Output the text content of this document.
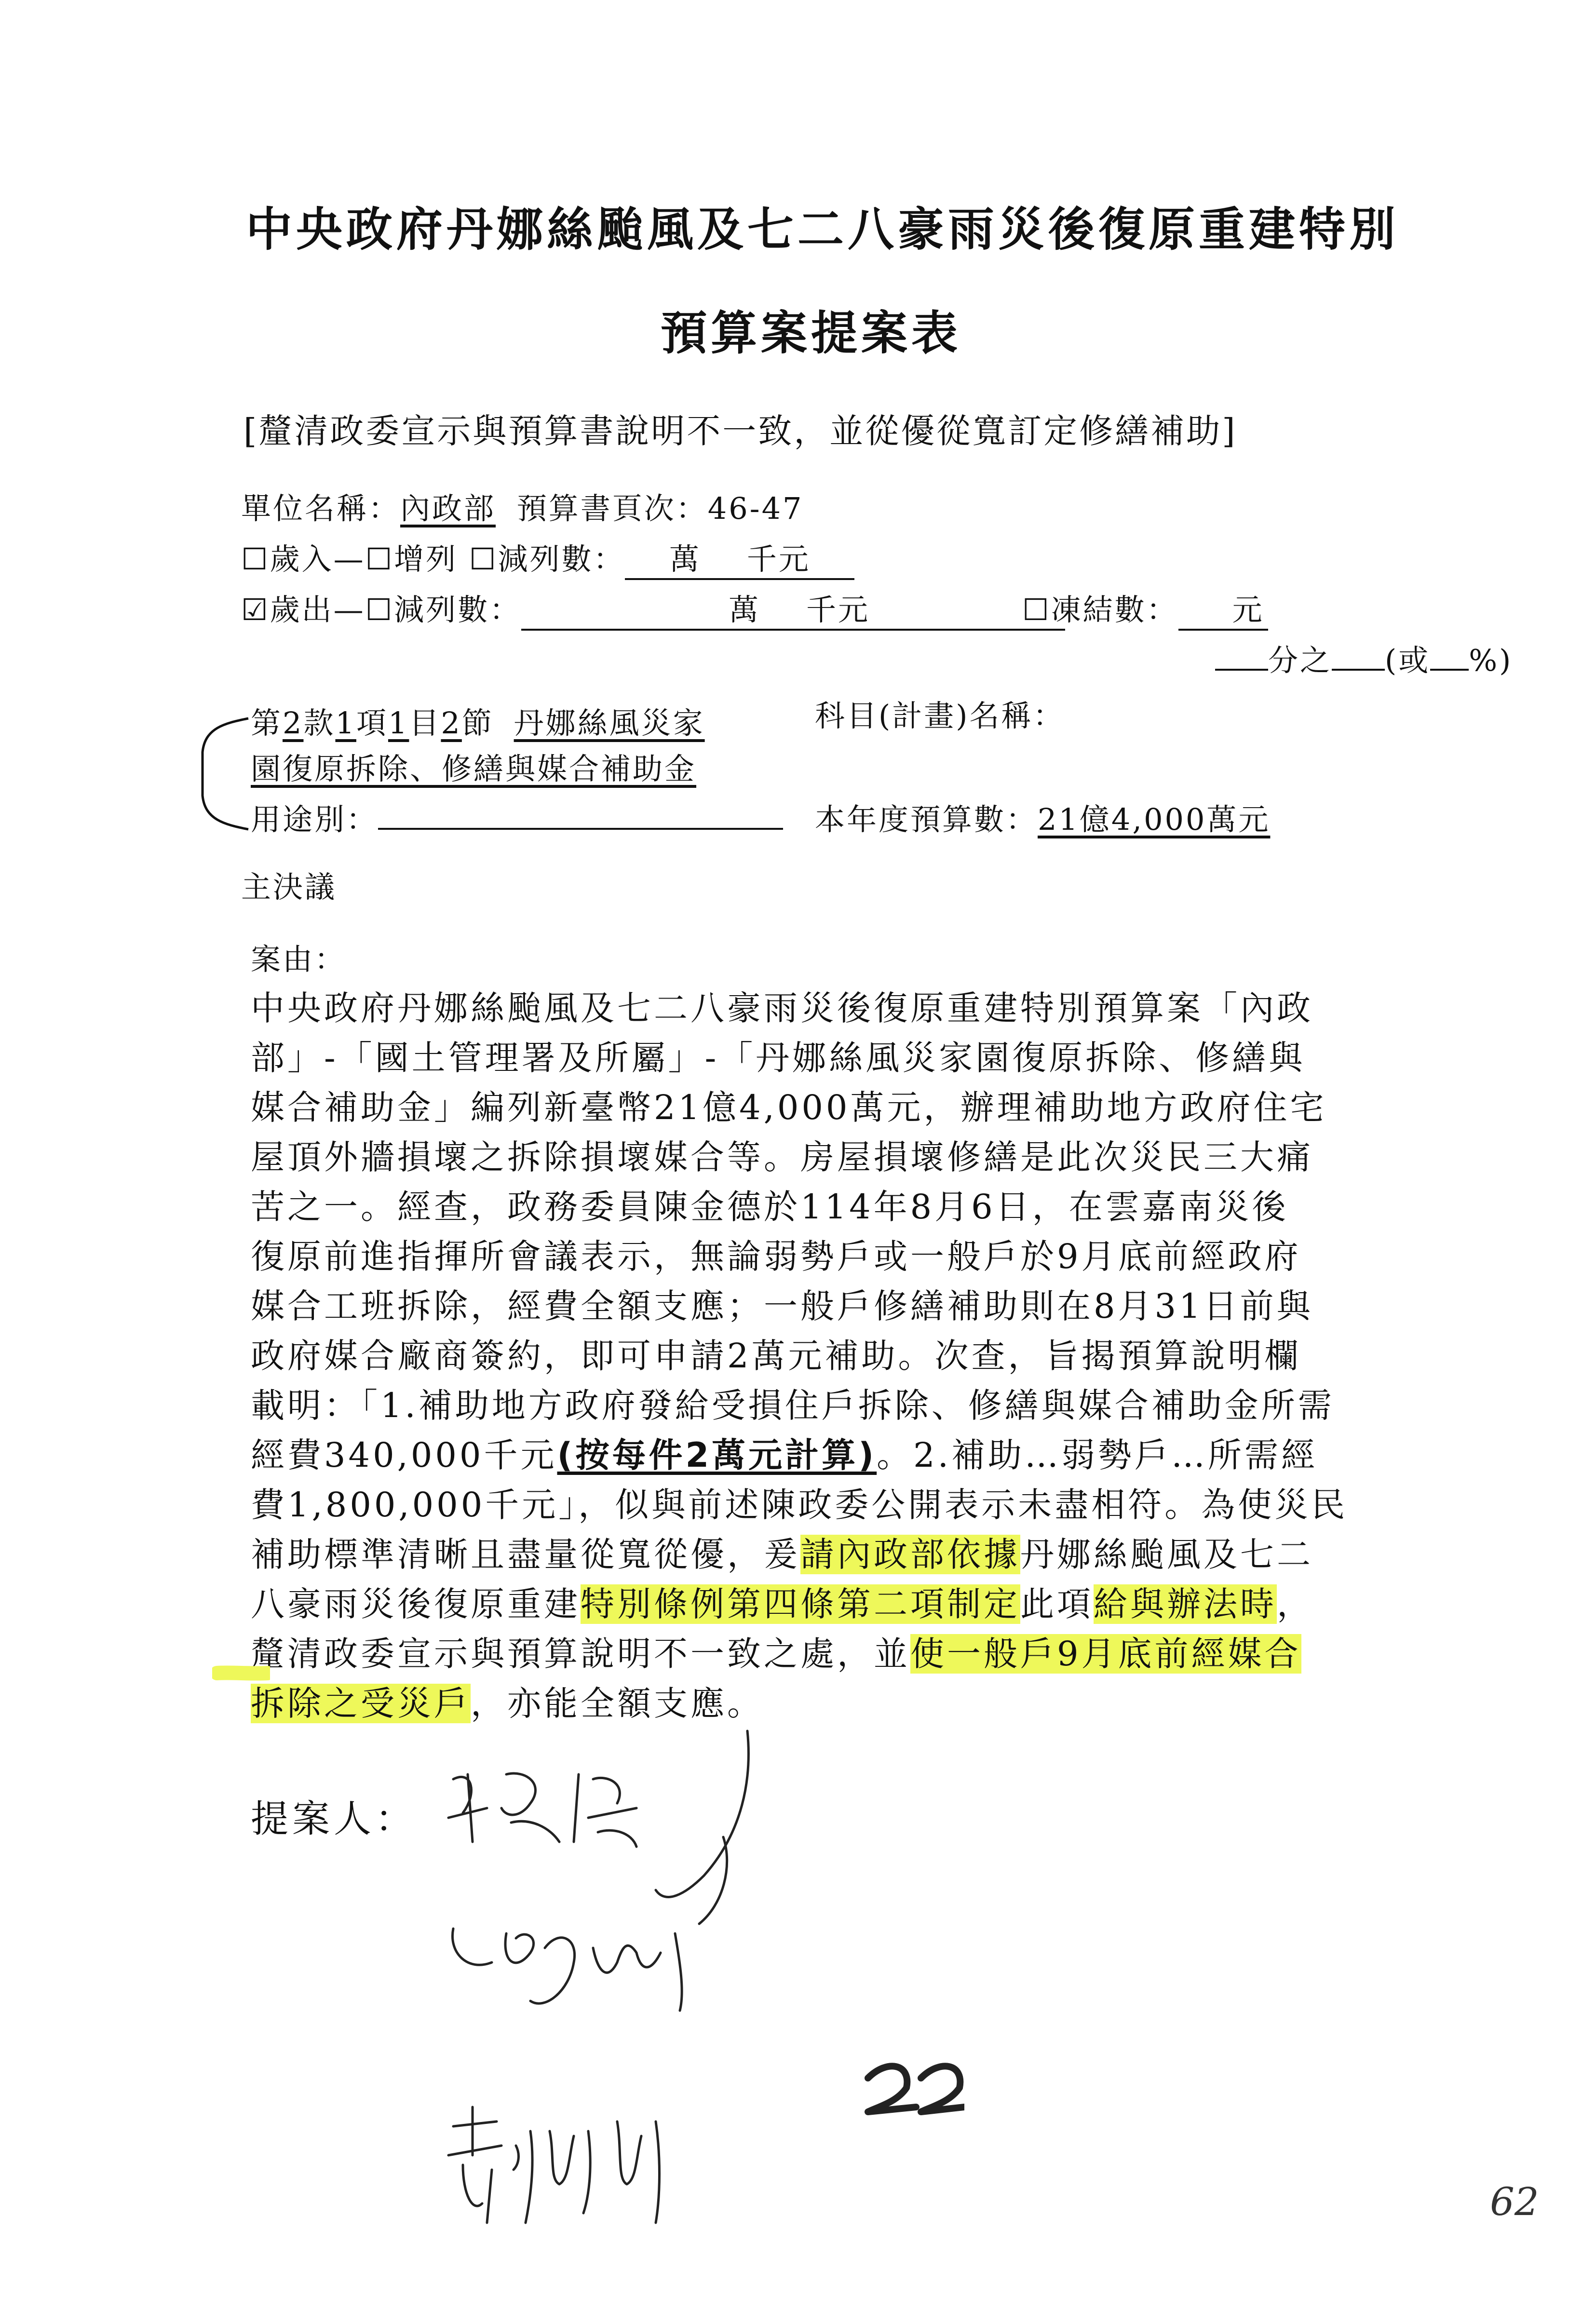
中央政府丹娜絲颱風及七二八豪雨災後復原重建特別
預算案提案表
[釐清政委宣示與預算書說明不一致，並從優從寬訂定修繕補助]
單位名稱：內政部 預算書頁次：46-47
☐歲入—☐增列 ☐減列數： 萬 千元
☑歲出—☐減列數：	萬 千元	☐凍結數： 元
分之 (或 %)
第2款1項1目2節 丹娜絲風災家	科目(計畫)名稱：
園復原拆除、修繕與媒合補助金
用途別：	本年度預算數：21億4,000萬元
主決議
案由：
中央政府丹娜絲颱風及七二八豪雨災後復原重建特別預算案「內政
部」-「國土管理署及所屬」-「丹娜絲風災家園復原拆除、修繕與
媒合補助金」編列新臺幣21億4,000萬元，辦理補助地方政府住宅
屋頂外牆損壞之拆除損壞媒合等。房屋損壞修繕是此次災民三大痛
苦之一。經查，政務委員陳金德於114年8月6日，在雲嘉南災後
復原前進指揮所會議表示，無論弱勢戶或一般戶於9月底前經政府
媒合工班拆除，經費全額支應；一般戶修繕補助則在8月31日前與
政府媒合廠商簽約，即可申請2萬元補助。次查，旨揭預算說明欄
載明：「1.補助地方政府發給受損住戶拆除、修繕與媒合補助金所需
經費340,000千元(按每件2萬元計算)。2.補助…弱勢戶…所需經
費1,800,000千元」，似與前述陳政委公開表示未盡相符。為使災民
補助標準清晰且盡量從寬從優，爰請內政部依據丹娜絲颱風及七二
八豪雨災後復原重建特別條例第四條第二項制定此項給與辦法時，
釐清政委宣示與預算說明不一致之處，並使一般戶9月底前經媒合
拆除之受災戶，亦能全額支應。
提案人：
62
